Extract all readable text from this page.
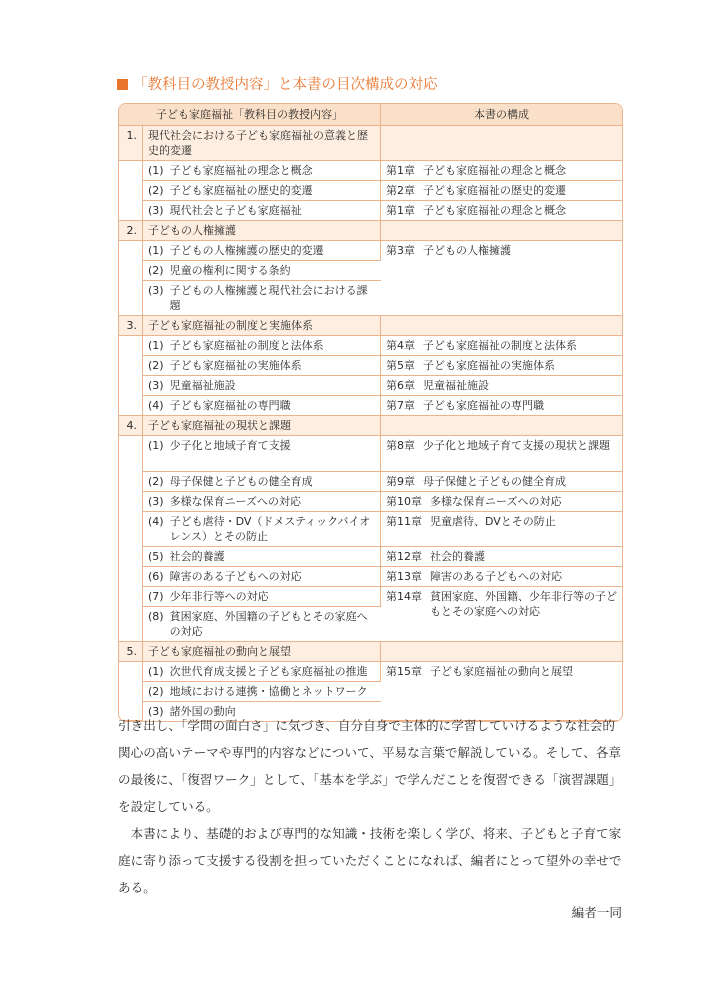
「教科目の教授内容」と本書の目次構成の対応
子ども家庭福祉「教科目の教授内容」		本書の構成
1.	現代社会における子ども家庭福祉の意義と歴史的変遷	

	(1) 子ども家庭福祉の理念と概念	第1章 子ども家庭福祉の理念と概念

	(2) 子ども家庭福祉の歴史的変遷	第2章 子ども家庭福祉の歴史的変遷

	(3) 現代社会と子ども家庭福祉	第1章 子ども家庭福祉の理念と概念

2.	子どもの人権擁護	

	(1) 子どもの人権擁護の歴史的変遷	第3章 子どもの人権擁護

	(2) 児童の権利に関する条約	

	(3) 子どもの人権擁護と現代社会における課題	

3.	子ども家庭福祉の制度と実施体系	

	(1) 子ども家庭福祉の制度と法体系	第4章 子ども家庭福祉の制度と法体系

	(2) 子ども家庭福祉の実施体系	第5章 子ども家庭福祉の実施体系

	(3) 児童福祉施設	第6章 児童福祉施設

	(4) 子ども家庭福祉の専門職	第7章 子ども家庭福祉の専門職

4.	子ども家庭福祉の現状と課題	

	(1) 少子化と地域子育て支援	第8章 少子化と地域子育て支援の現状と課題

	(2) 母子保健と子どもの健全育成	第9章 母子保健と子どもの健全育成

	(3) 多様な保育ニーズへの対応	第10章 多様な保育ニーズへの対応

	(4) 子ども虐待・DV（ドメスティックバイオレンス）とその防止	第11章 児童虐待、DVとその防止

	(5) 社会的養護	第12章 社会的養護

	(6) 障害のある子どもへの対応	第13章 障害のある子どもへの対応

	(7) 少年非行等への対応	第14章 貧困家庭、外国籍、少年非行等の子どもとその家庭への対応

	(8) 貧困家庭、外国籍の子どもとその家庭への対応	

5.	子ども家庭福祉の動向と展望	

	(1) 次世代育成支援と子ども家庭福祉の推進	第15章 子ども家庭福祉の動向と展望

	(2) 地域における連携・協働とネットワーク	

	(3) 諸外国の動向	

引き出し、「学問の面白さ」に気づき、自分自身で主体的に学習していけるような社会的関心の高いテーマや専門的内容などについて、平易な言葉で解説している。そして、各章の最後に、「復習ワーク」として、「基本を学ぶ」で学んだことを復習できる「演習課題」を設定している。

本書により、基礎的および専門的な知識・技術を楽しく学び、将来、子どもと子育て家庭に寄り添って支援する役割を担っていただくことになれば、編者にとって望外の幸せである。

編者一同
